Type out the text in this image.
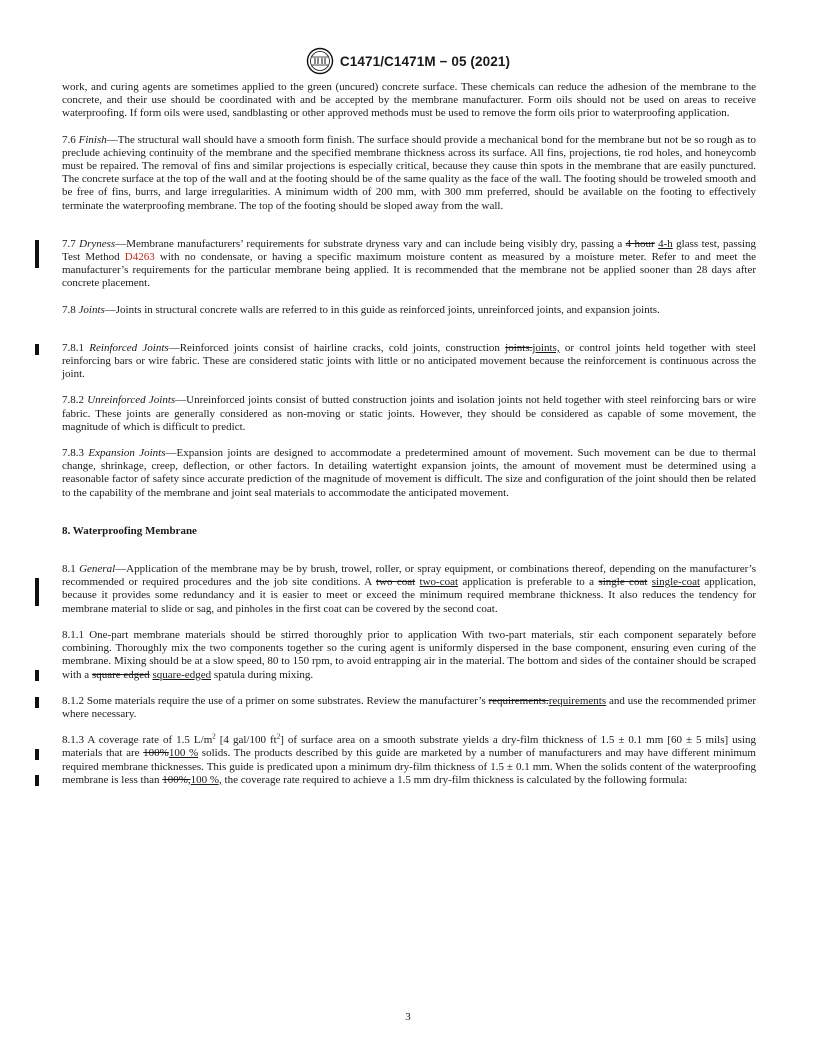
C1471/C1471M − 05 (2021)

work, and curing agents are sometimes applied to the green (uncured) concrete surface. These chemicals can reduce the adhesion of the membrane to the concrete, and their use should be coordinated with and be accepted by the membrane manufacturer. Form oils should not be used on areas to receive waterproofing. If form oils were used, sandblasting or other approved methods must be used to remove the form oils prior to waterproofing application.

7.6 Finish—The structural wall should have a smooth form finish. The surface should provide a mechanical bond for the membrane but not be so rough as to preclude achieving continuity of the membrane and the specified membrane thickness across its surface. All fins, projections, tie rod holes, and honeycomb must be repaired. The removal of fins and similar projections is especially critical, because they cause thin spots in the membrane that are easily punctured. The concrete surface at the top of the wall and at the footing should be of the same quality as the face of the wall. The footing should be troweled smooth and be free of fins, burrs, and large irregularities. A minimum width of 200 mm, with 300 mm preferred, should be available on the footing to effectively terminate the waterproofing membrane. The top of the footing should be sloped away from the wall.

7.7 Dryness—Membrane manufacturers’ requirements for substrate dryness vary and can include being visibly dry, passing a 4 hour 4-h glass test, passing Test Method D4263 with no condensate, or having a specific maximum moisture content as measured by a moisture meter. Refer to and meet the manufacturer’s requirements for the particular membrane being applied. It is recommended that the membrane not be applied sooner than 28 days after concrete placement.

7.8 Joints—Joints in structural concrete walls are referred to in this guide as reinforced joints, unreinforced joints, and expansion joints.

7.8.1 Reinforced Joints—Reinforced joints consist of hairline cracks, cold joints, construction joints.joints, or control joints held together with steel reinforcing bars or wire fabric. These are considered static joints with little or no anticipated movement because the reinforcement is continuous across the joint.

7.8.2 Unreinforced Joints—Unreinforced joints consist of butted construction joints and isolation joints not held together with steel reinforcing bars or wire fabric. These joints are generally considered as non-moving or static joints. However, they should be considered as capable of some movement, the magnitude of which is difficult to predict.

7.8.3 Expansion Joints—Expansion joints are designed to accommodate a predetermined amount of movement. Such movement can be due to thermal change, shrinkage, creep, deflection, or other factors. In detailing watertight expansion joints, the amount of movement must be determined using a reasonable factor of safety since accurate prediction of the magnitude of movement is difficult. The size and configuration of the joint should then be related to the capability of the membrane and joint seal materials to accommodate the anticipated movement.

8. Waterproofing Membrane

8.1 General—Application of the membrane may be by brush, trowel, roller, or spray equipment, or combinations thereof, depending on the manufacturer’s recommended or required procedures and the job site conditions. A two coat two-coat application is preferable to a single coat single-coat application, because it provides some redundancy and it is easier to meet or exceed the minimum required membrane thickness. It also reduces the tendency for membrane material to slide or sag, and pinholes in the first coat can be covered by the second coat.

8.1.1 One-part membrane materials should be stirred thoroughly prior to application With two-part materials, stir each component separately before combining. Thoroughly mix the two components together so the curing agent is uniformly dispersed in the base component, ensuring even curing of the membrane. Mixing should be at a slow speed, 80 to 150 rpm, to avoid entrapping air in the material. The bottom and sides of the container should be scraped with a square edged square-edged spatula during mixing.

8.1.2 Some materials require the use of a primer on some substrates. Review the manufacturer’s requirements.requirements and use the recommended primer where necessary.

8.1.3 A coverage rate of 1.5 $L/m^2$ [4 gal/100 $ft^2$] of surface area on a smooth substrate yields a dry-film thickness of 1.5 ± 0.1 mm [60 ± 5 mils] using materials that are 100%100 % solids. The products described by this guide are marketed by a number of manufacturers and may have different minimum required membrane thicknesses. This guide is predicated upon a minimum dry-film thickness of 1.5 ± 0.1 mm. When the solids content of the waterproofing membrane is less than 100%,100 %, the coverage rate required to achieve a 1.5 mm dry-film thickness is calculated by the following formula:

3
